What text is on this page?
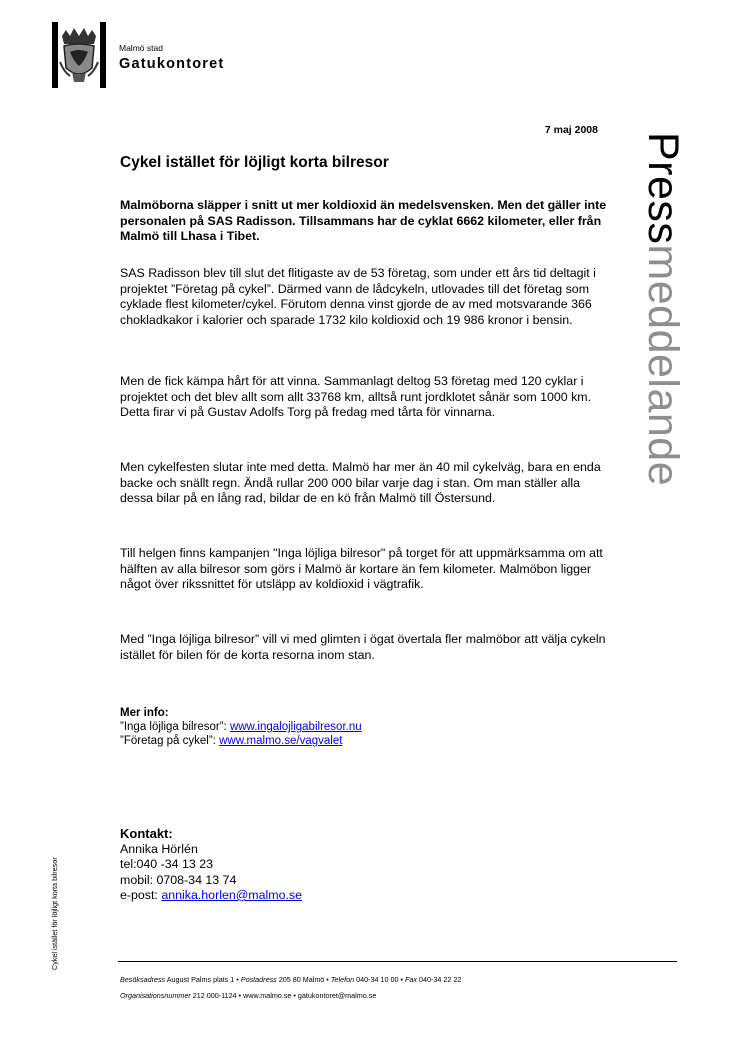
Malmö stad
Gatukontoret
Pressmeddelande
7 maj 2008
Cykel istället för löjligt korta bilresor
Malmöborna släpper i snitt ut mer koldioxid än medelsvensken. Men det gäller inte personalen på SAS Radisson. Tillsammans har de cyklat 6662 kilometer, eller från Malmö till Lhasa i Tibet.
SAS Radisson blev till slut det flitigaste av de 53 företag, som under ett års tid deltagit i projektet ”Företag på cykel”. Därmed vann de lådcykeln, utlovades till det företag som cyklade flest kilometer/cykel. Förutom denna vinst gjorde de av med motsvarande 366 chokladkakor i kalorier och sparade 1732 kilo koldioxid och 19 986 kronor i bensin.
Men de fick kämpa hårt för att vinna. Sammanlagt deltog 53 företag med 120 cyklar i projektet och det blev allt som allt 33768 km, alltså runt jordklotet sånär som 1000 km. Detta firar vi på Gustav Adolfs Torg på fredag med tårta för vinnarna.
Men cykelfesten slutar inte med detta. Malmö har mer än 40 mil cykelväg, bara en enda backe och snällt regn. Ändå rullar 200 000 bilar varje dag i stan. Om man ställer alla dessa bilar på en lång rad, bildar de en kö från Malmö till Östersund.
Till helgen finns kampanjen "Inga löjliga bilresor" på torget för att uppmärksamma om att hälften av alla bilresor som görs i Malmö är kortare än fem kilometer. Malmöbon ligger något över rikssnittet för utsläpp av koldioxid i vägtrafik.
Med ”Inga löjliga bilresor” vill vi med glimten i ögat övertala fler malmöbor att välja cykeln istället för bilen för de korta resorna inom stan.
Mer info:
”Inga löjliga bilresor”: www.ingalojligabilresor.nu
”Företag på cykel”: www.malmo.se/vagvalet
Kontakt:
Annika Hörlén
tel:040 -34 13 23
mobil: 0708-34 13 74
e-post: annika.horlen@malmo.se
Cykel istället för löjligt korta bilresor
Besöksadress August Palms plats 1 • Postadress 205 80 Malmö • Telefon 040-34 10 00 • Fax 040-34 22 22
Organisationsnummer 212 000-1124 • www.malmo.se • gatukontoret@malmo.se
